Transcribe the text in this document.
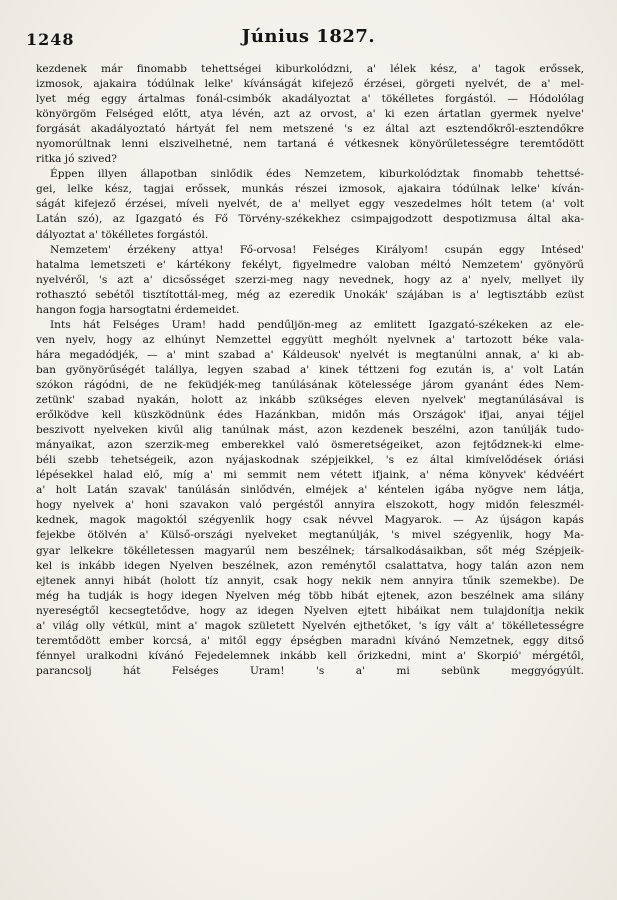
1248	Június 1827.
kezdenek már finomabb tehettségei kiburkolódzni, a' lélek kész, a' tagok erőssek,
izmosok, ajakaira tódúlnak lelke' kívánságát kifejező érzései, görgeti nyelvét, de a' mel-
lyet még eggy ártalmas fonál-csimbók akadályoztat a' tökélletes forgástól. — Hódolólag
könyörgöm Felséged előtt, atya lévén, azt az orvost, a' ki ezen ártatlan gyermek nyelve'
forgását akadályoztató hártyát fel nem metszené 's ez által azt esztendőkről-esztendőkre
nyomorúltnak lenni elszivelhetné, nem tartaná é vétkesnek könyörűletességre teremtődött
ritka jó szived?
Éppen illyen állapotban sinlődik édes Nemzetem, kiburkolództak finomabb tehettsé-
gei, lelke kész, tagjai erőssek, munkás részei izmosok, ajakaira tódúlnak lelke' kíván-
ságát kifejező érzései, míveli nyelvét, de a' mellyet eggy veszedelmes hólt tetem (a' volt
Latán szó), az Igazgató és Fő Törvény-székekhez csimpajgodzott despotizmusa által aka-
dályoztat a' tökélletes forgástól.
Nemzetem' érzékeny attya! Fő-orvosa! Felséges Királyom! csupán eggy Intésed'
hatalma lemetszeti e' kártékony fekélyt, figyelmedre valoban méltó Nemzetem' gyönyörű
nyelvéről, 's azt a' dicsősséget szerzi-meg nagy nevednek, hogy az a' nyelv, mellyet ily
rothasztó sebétől tisztítottál-meg, még az ezeredik Unokák' szájában is a' legtisztább ezüst
hangon fogja harsogtatni érdemeidet.
Ints hát Felséges Uram! hadd pendűljön-meg az emlitett Igazgató-székeken az ele-
ven nyelv, hogy az elhúnyt Nemzettel eggyütt meghólt nyelvnek a' tartozott béke vala-
hára megadódjék, — a' mint szabad a' Káldeusok' nyelvét is megtanúlni annak, a' ki ab-
ban gyönyörűségét talállya, legyen szabad a' kinek téttzeni fog ezután is, a' volt Latán
szókon rágódni, de ne feküdjék-meg tanúlásának kötelessége járom gyanánt édes Nem-
zetünk' szabad nyakán, holott az inkább szükséges eleven nyelvek' megtanúlásával is
erőlködve kell küszködnünk édes Hazánkban, midőn más Országok' ifjai, anyai téjjel
beszivott nyelveken kivűl alig tanúlnak mást, azon kezdenek beszélni, azon tanúlják tudo-
mányaikat, azon szerzik-meg emberekkel való ösmeretségeiket, azon fejtődznek-ki elme-
béli szebb tehetségeik, azon nyájaskodnak szépjeikkel, 's ez által kimívelődések óriási
lépésekkel halad elő, míg a' mi semmit nem vétett ifjaink, a' néma könyvek' kédvéért
a' holt Latán szavak' tanúlásán sinlődvén, elméjek a' kéntelen igába nyögve nem látja,
hogy nyelvek a' honi szavakon való pergéstől annyira elszokott, hogy midőn feleszmél-
kednek, magok magoktól szégyenlik hogy csak névvel Magyarok. — Az újságon kapás
fejekbe ötölvén a' Külső-országi nyelveket megtanúlják, 's mivel szégyenlik, hogy Ma-
gyar lelkekre tökélletessen magyarúl nem beszélnek; társalkodásaikban, sőt még Szépjeik-
kel is inkább idegen Nyelven beszélnek, azon reménytől csalattatva, hogy talán azon nem
ejtenek annyi hibát (holott tíz annyit, csak hogy nekik nem annyira tűnik szemekbe). De
még ha tudják is hogy idegen Nyelven még több hibát ejtenek, azon beszélnek ama silány
nyereségtől kecsegtetődve, hogy az idegen Nyelven ejtett hibáikat nem tulajdonítja nekik
a' világ olly vétkül, mint a' magok született Nyelvén ejthetőket, 's így vált a' tökélletességre
teremtődött ember korcsá, a' mitől eggy épségben maradni kívánó Nemzetnek, eggy ditső
fénnyel uralkodni kívánó Fejedelemnek inkább kell őrizkedni, mint a' Skorpió' mérgétől,
parancsolj hát Felséges Uram! 's a' mi sebünk meggyógyúlt.
